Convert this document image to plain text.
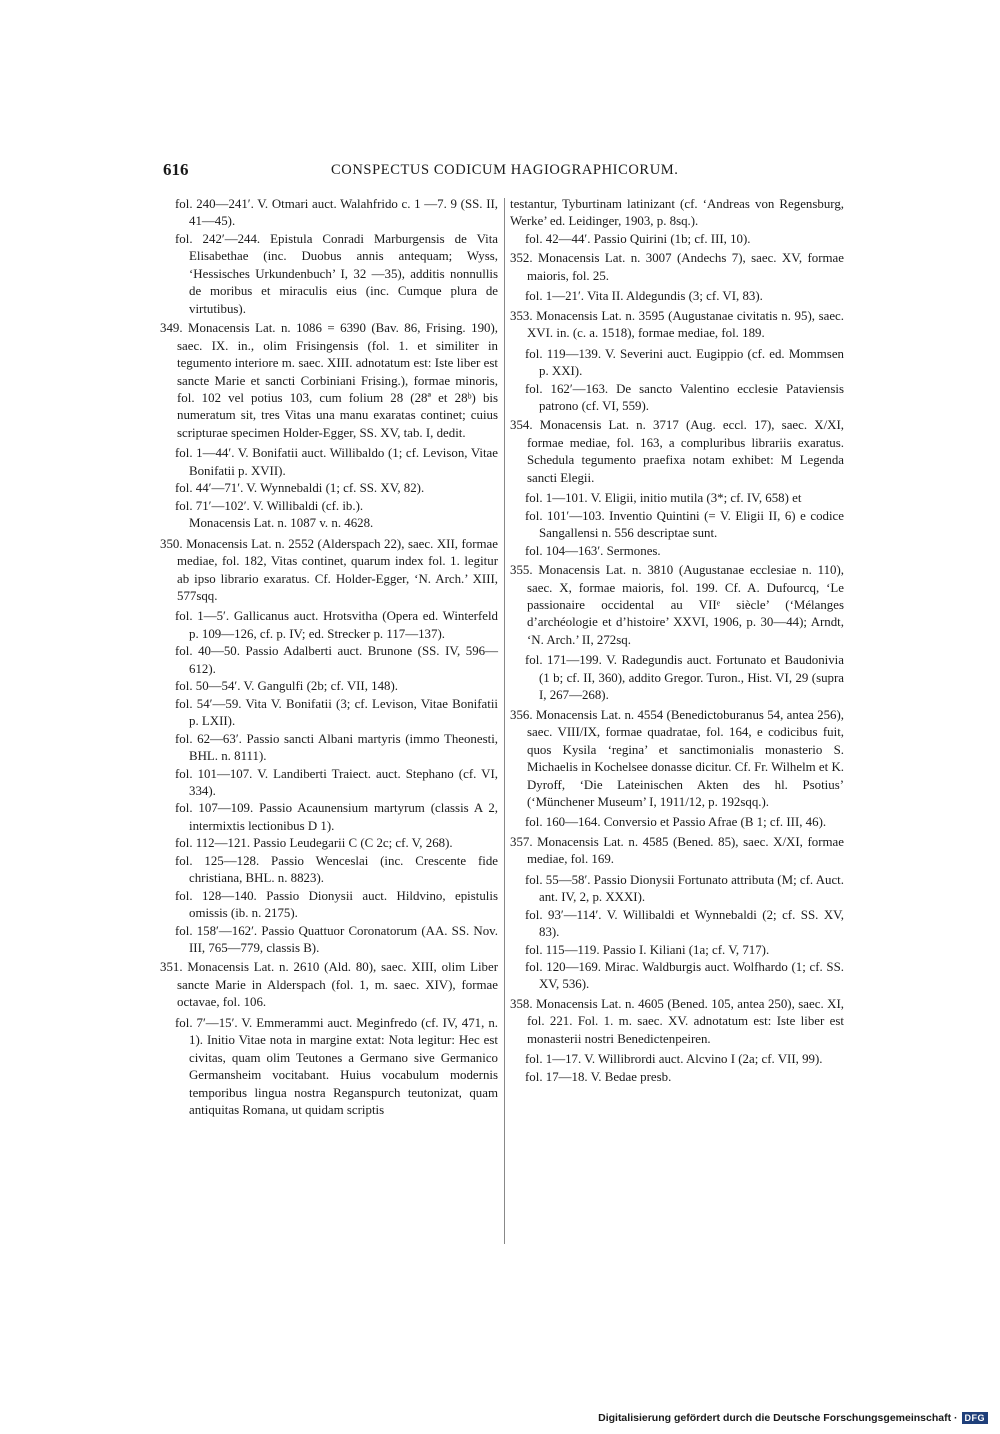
616	CONSPECTUS CODICUM HAGIOGRAPHICORUM.

fol. 240—241′. V. Otmari auct. Walahfrido c. 1 —7. 9 (SS. II, 41—45).

fol. 242′—244. Epistula Conradi Marburgensis de Vita Elisabethae (inc. Duobus annis antequam; Wyss, ‘Hessisches Urkundenbuch’ I, 32 —35), additis nonnullis de moribus et miraculis eius (inc. Cumque plura de virtutibus).

349. Monacensis Lat. n. 1086 = 6390 (Bav. 86, Frising. 190), saec. IX. in., olim Frisingensis (fol. 1. et similiter in tegumento interiore m. saec. XIII. adnotatum est: Iste liber est sancte Marie et sancti Corbiniani Frising.), formae minoris, fol. 102 vel potius 103, cum folium 28 (28ª et 28ᵇ) bis numeratum sit, tres Vitas una manu exaratas continet; cuius scripturae specimen Holder-Egger, SS. XV, tab. I, dedit.

fol. 1—44′. V. Bonifatii auct. Willibaldo (1; cf. Levison, Vitae Bonifatii p. XVII).

fol. 44′—71′. V. Wynnebaldi (1; cf. SS. XV, 82).

fol. 71′—102′. V. Willibaldi (cf. ib.).

Monacensis Lat. n. 1087 v. n. 4628.

350. Monacensis Lat. n. 2552 (Alderspach 22), saec. XII, formae mediae, fol. 182, Vitas continet, quarum index fol. 1. legitur ab ipso librario exaratus. Cf. Holder-Egger, ‘N. Arch.’ XIII, 577sqq.

fol. 1—5′. Gallicanus auct. Hrotsvitha (Opera ed. Winterfeld p. 109—126, cf. p. IV; ed. Strecker p. 117—137).

fol. 40—50. Passio Adalberti auct. Brunone (SS. IV, 596—612).

fol. 50—54′. V. Gangulfi (2b; cf. VII, 148).

fol. 54′—59. Vita V. Bonifatii (3; cf. Levison, Vitae Bonifatii p. LXII).

fol. 62—63′. Passio sancti Albani martyris (immo Theonesti, BHL. n. 8111).

fol. 101—107. V. Landiberti Traiect. auct. Stephano (cf. VI, 334).

fol. 107—109. Passio Acaunensium martyrum (classis A 2, intermixtis lectionibus D 1).

fol. 112—121. Passio Leudegarii C (C 2c; cf. V, 268).

fol. 125—128. Passio Wenceslai (inc. Crescente fide christiana, BHL. n. 8823).

fol. 128—140. Passio Dionysii auct. Hildvino, epistulis omissis (ib. n. 2175).

fol. 158′—162′. Passio Quattuor Coronatorum (AA. SS. Nov. III, 765—779, classis B).

351. Monacensis Lat. n. 2610 (Ald. 80), saec. XIII, olim Liber sancte Marie in Alderspach (fol. 1, m. saec. XIV), formae octavae, fol. 106.

fol. 7′—15′. V. Emmerammi auct. Meginfredo (cf. IV, 471, n. 1). Initio Vitae nota in margine extat: Nota legitur: Hec est civitas, quam olim Teutones a Germano sive Germanico Germansheim vocitabant. Huius vocabulum modernis temporibus lingua nostra Reganspurch teutonizat, quam antiquitas Romana, ut quidam scriptis

testantur, Tyburtinam latinizant (cf. ‘Andreas von Regensburg, Werke’ ed. Leidinger, 1903, p. 8sq.).

fol. 42—44′. Passio Quirini (1b; cf. III, 10).

352. Monacensis Lat. n. 3007 (Andechs 7), saec. XV, formae maioris, fol. 25.

fol. 1—21′. Vita II. Aldegundis (3; cf. VI, 83).

353. Monacensis Lat. n. 3595 (Augustanae civitatis n. 95), saec. XVI. in. (c. a. 1518), formae mediae, fol. 189.

fol. 119—139. V. Severini auct. Eugippio (cf. ed. Mommsen p. XXI).

fol. 162′—163. De sancto Valentino ecclesie Pataviensis patrono (cf. VI, 559).

354. Monacensis Lat. n. 3717 (Aug. eccl. 17), saec. X/XI, formae mediae, fol. 163, a compluribus librariis exaratus. Schedula tegumento praefixa notam exhibet: M Legenda sancti Elegii.

fol. 1—101. V. Eligii, initio mutila (3*; cf. IV, 658) et

fol. 101′—103. Inventio Quintini (= V. Eligii II, 6) e codice Sangallensi n. 556 descriptae sunt.

fol. 104—163′. Sermones.

355. Monacensis Lat. n. 3810 (Augustanae ecclesiae n. 110), saec. X, formae maioris, fol. 199. Cf. A. Dufourcq, ‘Le passionaire occidental au VIIᵉ siècle’ (‘Mélanges d’archéologie et d’histoire’ XXVI, 1906, p. 30—44); Arndt, ‘N. Arch.’ II, 272sq.

fol. 171—199. V. Radegundis auct. Fortunato et Baudonivia (1 b; cf. II, 360), addito Gregor. Turon., Hist. VI, 29 (supra I, 267—268).

356. Monacensis Lat. n. 4554 (Benedictoburanus 54, antea 256), saec. VIII/IX, formae quadratae, fol. 164, e codicibus fuit, quos Kysila ‘regina’ et sanctimonialis monasterio S. Michaelis in Kochelsee donasse dicitur. Cf. Fr. Wilhelm et K. Dyroff, ‘Die Lateinischen Akten des hl. Psotius’ (‘Münchener Museum’ I, 1911/12, p. 192sqq.).

fol. 160—164. Conversio et Passio Afrae (B 1; cf. III, 46).

357. Monacensis Lat. n. 4585 (Bened. 85), saec. X/XI, formae mediae, fol. 169.

fol. 55—58′. Passio Dionysii Fortunato attributa (M; cf. Auct. ant. IV, 2, p. XXXI).

fol. 93′—114′. V. Willibaldi et Wynnebaldi (2; cf. SS. XV, 83).

fol. 115—119. Passio I. Kiliani (1a; cf. V, 717).

fol. 120—169. Mirac. Waldburgis auct. Wolfhardo (1; cf. SS. XV, 536).

358. Monacensis Lat. n. 4605 (Bened. 105, antea 250), saec. XI, fol. 221. Fol. 1. m. saec. XV. adnotatum est: Iste liber est monasterii nostri Benedictenpeiren.

fol. 1—17. V. Willibrordi auct. Alcvino I (2a; cf. VII, 99).

fol. 17—18. V. Bedae presb.

Digitalisierung gefördert durch die Deutsche Forschungsgemeinschaft · DFG
